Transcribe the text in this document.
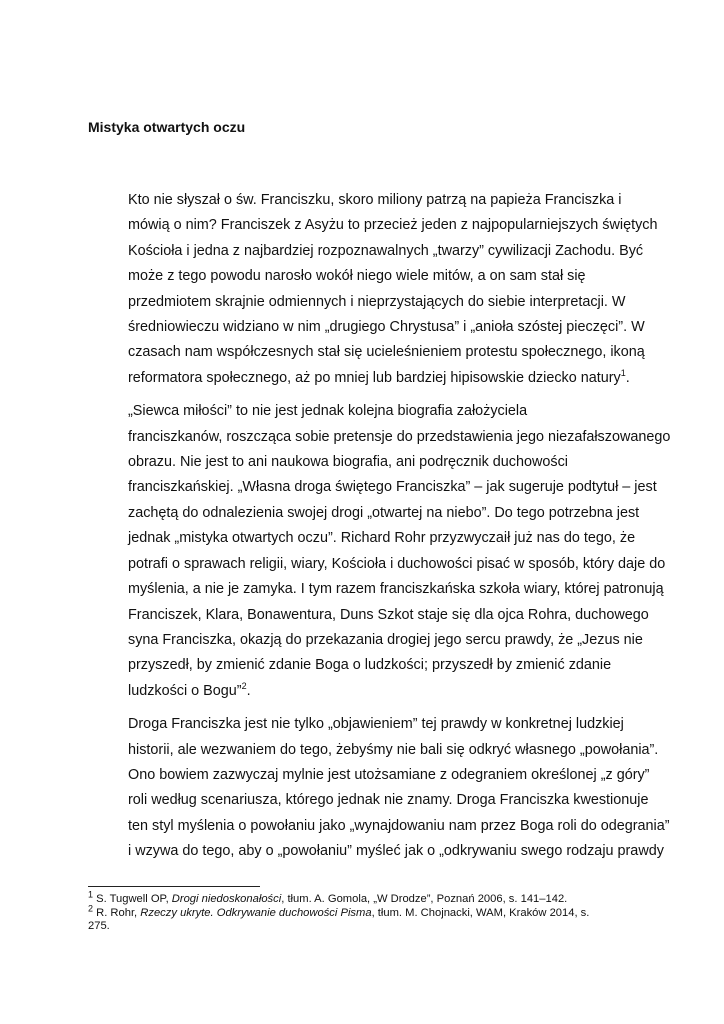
Mistyka otwartych oczu

Kto nie słyszał o św. Franciszku, skoro miliony patrzą na papieża Franciszka i
mówią o nim? Franciszek z Asyżu to przecież jeden z najpopularniejszych świętych
Kościoła i jedna z najbardziej rozpoznawalnych „twarzy” cywilizacji Zachodu. Być
może z tego powodu narosło wokół niego wiele mitów, a on sam stał się
przedmiotem skrajnie odmiennych i nieprzystających do siebie interpretacji. W
średniowieczu widziano w nim „drugiego Chrystusa” i „anioła szóstej pieczęci”. W
czasach nam współczesnych stał się ucieleśnieniem protestu społecznego, ikoną
reformatora społecznego, aż po mniej lub bardziej hipisowskie dziecko natury$^1$.

„Siewca miłości” to nie jest jednak kolejna biografia założyciela
franciszkanów, roszcząca sobie pretensje do przedstawienia jego niezafałszowanego
obrazu. Nie jest to ani naukowa biografia, ani podręcznik duchowości
franciszkańskiej. „Własna droga świętego Franciszka” – jak sugeruje podtytuł – jest
zachętą do odnalezienia swojej drogi „otwartej na niebo”. Do tego potrzebna jest
jednak „mistyka otwartych oczu”. Richard Rohr przyzwyczaił już nas do tego, że
potrafi o sprawach religii, wiary, Kościoła i duchowości pisać w sposób, który daje do
myślenia, a nie je zamyka. I tym razem franciszkańska szkoła wiary, której patronują
Franciszek, Klara, Bonawentura, Duns Szkot staje się dla ojca Rohra, duchowego
syna Franciszka, okazją do przekazania drogiej jego sercu prawdy, że „Jezus nie
przyszedł, by zmienić zdanie Boga o ludzkości; przyszedł by zmienić zdanie
ludzkości o Bogu”$^2$.

Droga Franciszka jest nie tylko „objawieniem” tej prawdy w konkretnej ludzkiej
historii, ale wezwaniem do tego, żebyśmy nie bali się odkryć własnego „powołania”.
Ono bowiem zazwyczaj mylnie jest utożsamiane z odegraniem określonej „z góry”
roli według scenariusza, którego jednak nie znamy. Droga Franciszka kwestionuje
ten styl myślenia o powołaniu jako „wynajdowaniu nam przez Boga roli do odegrania”
i wzywa do tego, aby o „powołaniu” myśleć jak o „odkrywaniu swego rodzaju prawdy

$^1$ S. Tugwell OP, Drogi niedoskonałości, tłum. A. Gomola, „W Drodze”, Poznań 2006, s. 141–142.

$^2$ R. Rohr, Rzeczy ukryte. Odkrywanie duchowości Pisma, tłum. M. Chojnacki, WAM, Kraków 2014, s.
275.
